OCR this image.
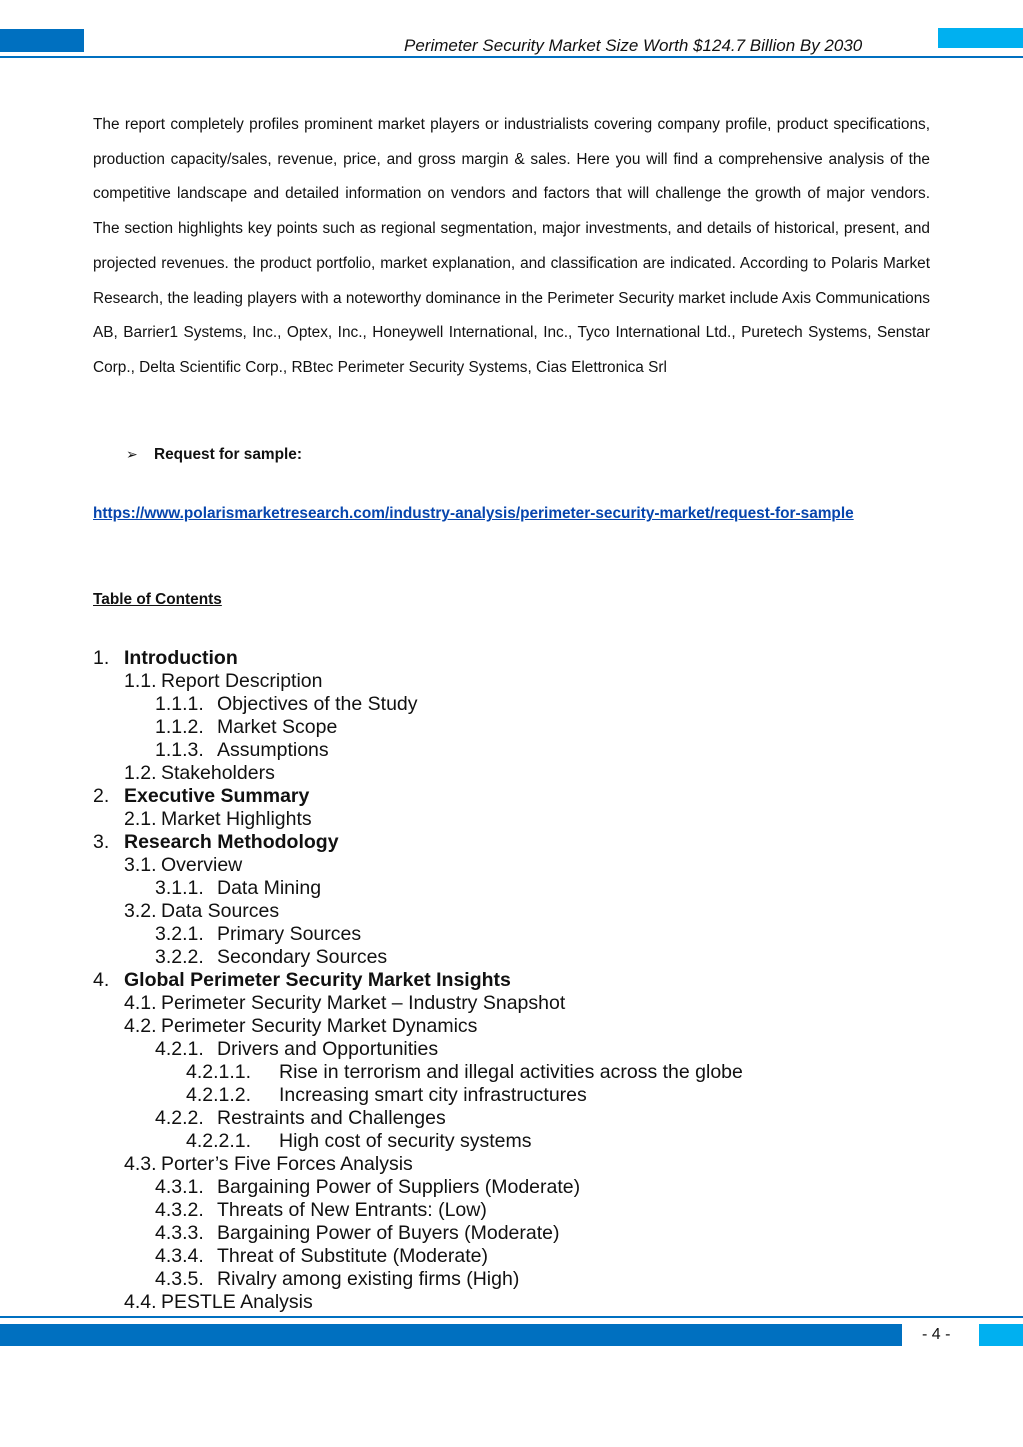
Perimeter Security Market Size Worth $124.7 Billion By 2030

The report completely profiles prominent market players or industrialists covering company profile, product specifications, production capacity/sales, revenue, price, and gross margin & sales. Here you will find a comprehensive analysis of the competitive landscape and detailed information on vendors and factors that will challenge the growth of major vendors. The section highlights key points such as regional segmentation, major investments, and details of historical, present, and projected revenues. the product portfolio, market explanation, and classification are indicated. According to Polaris Market Research, the leading players with a noteworthy dominance in the Perimeter Security market include Axis Communications AB, Barrier1 Systems, Inc., Optex, Inc., Honeywell International, Inc., Tyco International Ltd., Puretech Systems, Senstar Corp., Delta Scientific Corp., RBtec Perimeter Security Systems, Cias Elettronica Srl

➢ Request for sample:
https://www.polarismarketresearch.com/industry-analysis/perimeter-security-market/request-for-sample
Table of Contents
1. Introduction
1.1. Report Description
1.1.1. Objectives of the Study
1.1.2. Market Scope
1.1.3. Assumptions
1.2. Stakeholders
2. Executive Summary
2.1. Market Highlights
3. Research Methodology
3.1. Overview
3.1.1. Data Mining
3.2. Data Sources
3.2.1. Primary Sources
3.2.2. Secondary Sources
4. Global Perimeter Security Market Insights
4.1. Perimeter Security Market – Industry Snapshot
4.2. Perimeter Security Market Dynamics
4.2.1. Drivers and Opportunities
4.2.1.1. Rise in terrorism and illegal activities across the globe
4.2.1.2. Increasing smart city infrastructures
4.2.2. Restraints and Challenges
4.2.2.1. High cost of security systems
4.3. Porter’s Five Forces Analysis
4.3.1. Bargaining Power of Suppliers (Moderate)
4.3.2. Threats of New Entrants: (Low)
4.3.3. Bargaining Power of Buyers (Moderate)
4.3.4. Threat of Substitute (Moderate)
4.3.5. Rivalry among existing firms (High)
4.4. PESTLE Analysis
- 4 -
